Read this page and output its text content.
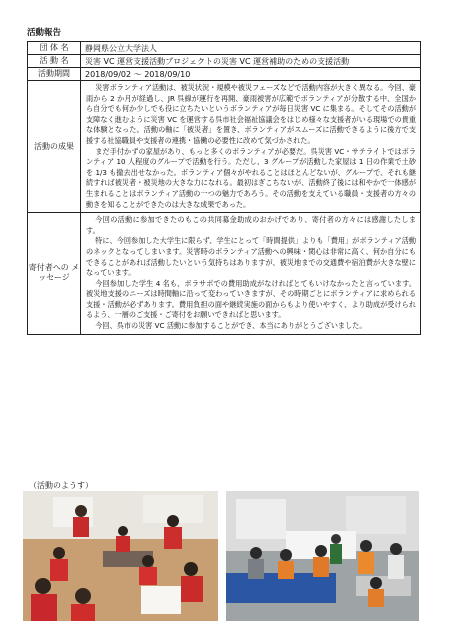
活動報告
団 体 名	静岡県公立大学法人
活 動 名	災害 VC 運営支援活動プロジェクトの災害 VC 運営補助のための支援活動
活動期間	2018/09/02 ～ 2018/09/10
活動の成果	災害ボランティア活動は、被災状況・規模や被災フェーズなどで活動内容が大きく異なる。今回、豪雨から 2 か月が経過し、JR 呉線が運行を再開、豪雨被害が広範でボランティアが分散する中、全国から自分でも何か少しでも役に立ちたいというボランティアが毎日災害 VC に集まる。そしてその活動が支障なく進むように災害 VC を運営する呉市社会福祉協議会をはじめ様々な支援者がいる現場での貴重な体験となった。活動の軸に「被災者」を置き、ボランティアがスムーズに活動できるように後方で支援する社協職員や支援者の連携・協働の必要性に改めて気づかされた。

まだ手付かずの家屋があり、もっと多くのボランティアが必要だ。呉災害 VC・サテライトではボランティア 10 人程度のグループで活動を行う。ただし、3 グループが活動した家屋は 1 日の作業で土砂を 1/3 も撤去出せなかった。ボランティア個々がやれることはほとんどないが、グループで、それも継続すれば被災者・被災地の大きな力になれる。最初はぎこちないが、活動終了後には和やかで一体感が生まれることはボランティア活動の一つの魅力であろう。その活動を支えている職員・支援者の方々の動きを知ることができたのは大きな成果であった。

寄付者への メッセージ	今回の活動に参加できたのもこの共同募金助成のおかげであり、寄付者の方々には感謝したします。

特に、今回参加した大学生に限らず、学生にとって「時間提供」よりも「費用」がボランティア活動のネックとなってしまいます。災害時のボランティア活動への興味・関心は非常に高く、何か自分にもできることがあれば活動したいという気持ちはありますが、被災地までの交通費や宿泊費が大きな壁になっています。

今回参加した学生 4 名も、ボラサポでの費用助成がなければとてもいけなかったと言っています。被災地支援のニーズは時間軸に沿って変わっていきますが、その時期ごとにボランティアに求められる支援・活動が必ずあります。費用負担の面や継続実施の面からもより使いやすく、より助成が受けられるよう、一層のご支援・ご寄付をお願いできればと思います。

今回、呉市の災害 VC 活動に参加することができ、本当にありがとうございました。

（活動のようす）
